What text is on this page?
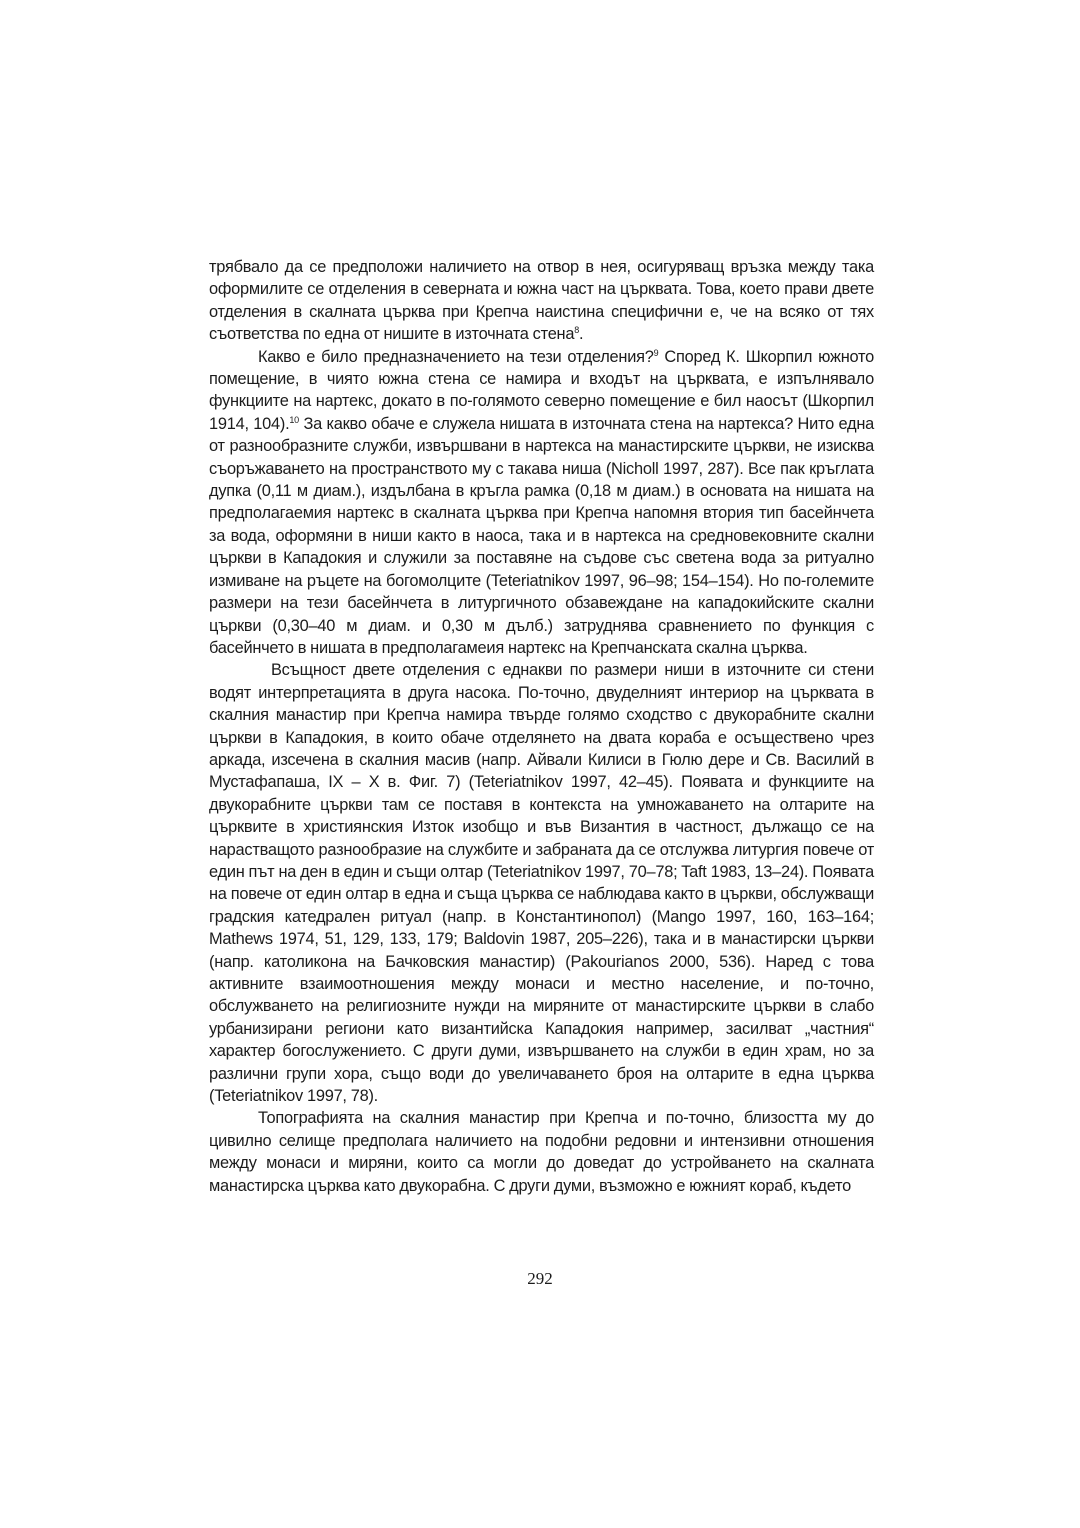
трябвало да се предположи наличието на отвор в нея, осигуряващ връзка между така оформилите се отделения в северната и южна част на църквата. Това, което прави двете отделения в скалната църква при Крепча наистина специфични е, че на всяко от тях съответства по една от нишите в източната стена$^8$.

Какво е било предназначението на тези отделения?$^9$ Според К. Шкорпил южното помещение, в чиято южна стена се намира и входът на църквата, е изпълнявало функциите на нартекс, докато в по-голямото северно помещение е бил наосът (Шкорпил 1914, 104).$^{10}$ За какво обаче е служела нишата в източната стена на нартекса? Нито една от разнообразните служби, извършвани в нартекса на манастирските църкви, не изисква съоръжаването на пространството му с такава ниша (Nicholl 1997, 287). Все пак кръглата дупка (0,11 м диам.), издълбана в кръгла рамка (0,18 м диам.) в основата на нишата на предполагаемия нартекс в скалната църква при Крепча напомня втория тип басейнчета за вода, оформяни в ниши както в наоса, така и в нартекса на средновековните скални църкви в Кападокия и служили за поставяне на съдове със светена вода за ритуално измиване на ръцете на богомолците (Teteriatnikov 1997, 96–98; 154–154). Но по-големите размери на тези басейнчета в литургичното обзавеждане на кападокийските скални църкви (0,30–40 м диам. и 0,30 м дълб.) затруднява сравнението по функция с басейнчето в нишата в предполагамеия нартекс на Крепчанската скална църква.

Всъщност двете отделения с еднакви по размери ниши в източните си стени водят интерпретацията в друга насока. По-точно, двуделният интериор на църквата в скалния манастир при Крепча намира твърде голямо сходство с двукорабните скални църкви в Кападокия, в които обаче отделянето на двата кораба е осъществено чрез аркада, изсечена в скалния масив (напр. Айвали Килиси в Гюлю дере и Св. Василий в Мустафапаша, IX – X в. Фиг. 7) (Teteriatnikov 1997, 42–45). Появата и функциите на двукорабните църкви там се поставя в контекста на умножаването на олтарите на църквите в християнския Изток изобщо и във Византия в частност, дължащо се на нарастващото разнообразие на службите и забраната да се отслужва литургия повече от един път на ден в един и същи олтар (Teteriatnikov 1997, 70–78; Taft 1983, 13–24). Появата на повече от един олтар в една и съща църква се наблюдава както в църкви, обслужващи градския катедрален ритуал (напр. в Константинопол) (Mango 1997, 160, 163–164; Mathews 1974, 51, 129, 133, 179; Baldovin 1987, 205–226), така и в манастирски църкви (напр. католикона на Бачковския манастир) (Pakourianos 2000, 536). Наред с това активните взаимоотношения между монаси и местно население, и по-точно, обслужването на религиозните нужди на миряните от манастирските църкви в слабо урбанизирани региони като византийска Кападокия например, засилват „частния“ характер богослужението. С други думи, извършването на служби в един храм, но за различни групи хора, също води до увеличаването броя на олтарите в една църква (Teteriatnikov 1997, 78).

Топографията на скалния манастир при Крепча и по-точно, близостта му до цивилно селище предполага наличието на подобни редовни и интензивни отношения между монаси и миряни, които са могли до доведат до устройването на скалната манастирска църква като двукорабна. С други думи, възможно е южният кораб, където

292
